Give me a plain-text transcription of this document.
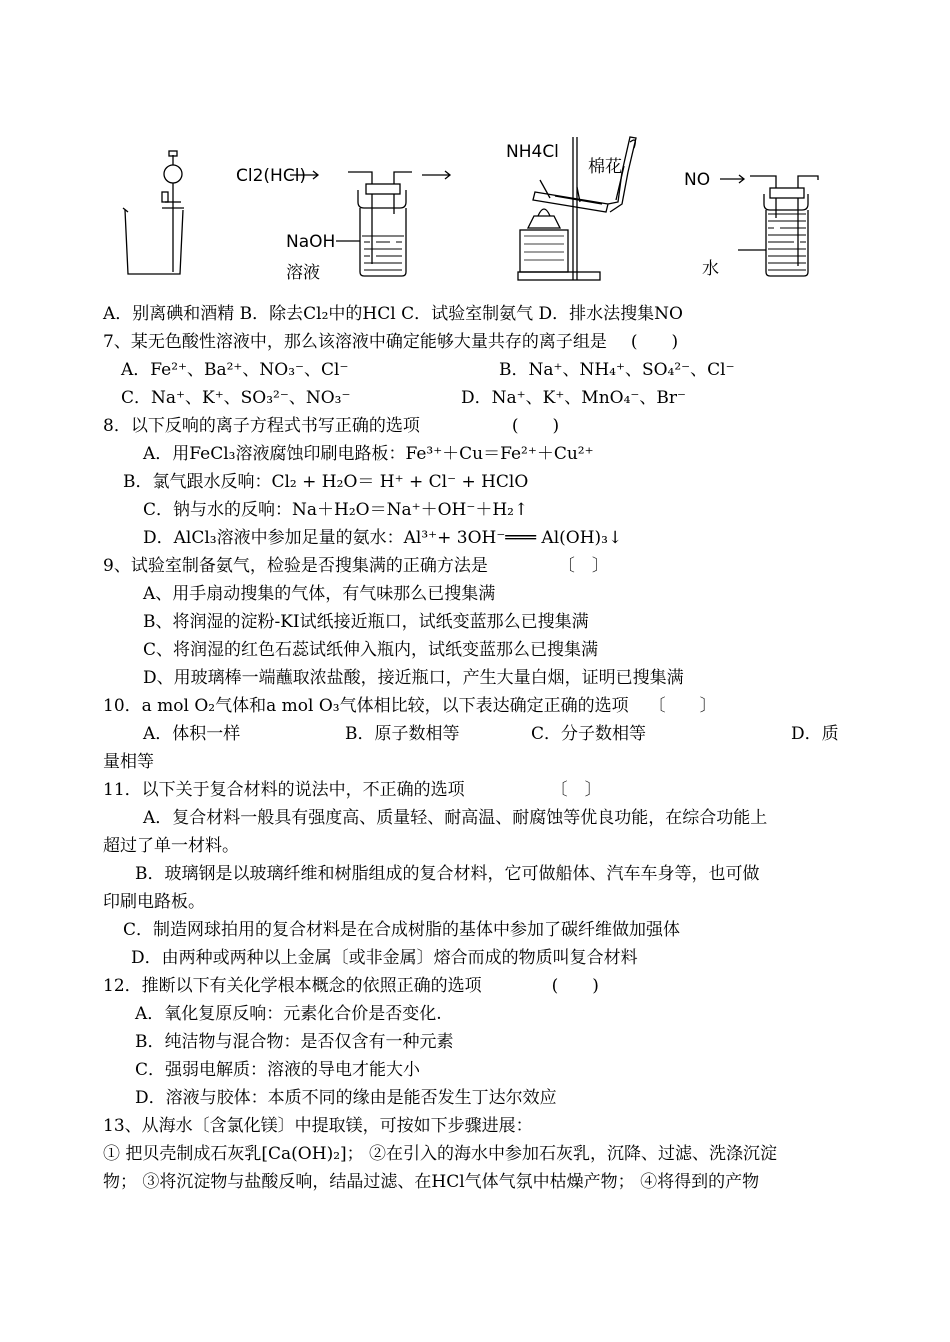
Cl2(HCl)
NaOH
溶液
NH4Cl
棉花
NO
水
A．别离碘和酒精 B．除去Cl₂中的HCl C．试验室制氨气 D．排水法搜集NO
7、某无色酸性溶液中，那么该溶液中确定能够大量共存的离子组是 (　　)
A．Fe²⁺、Ba²⁺、NO₃⁻、Cl⁻	B．Na⁺、NH₄⁺、SO₄²⁻、Cl⁻
C．Na⁺、K⁺、SO₃²⁻、NO₃⁻	D．Na⁺、K⁺、MnO₄⁻、Br⁻
8．以下反响的离子方程式书写正确的选项	(　　)
A．用FeCl₃溶液腐蚀印刷电路板：Fe³⁺＋Cu＝Fe²⁺＋Cu²⁺
B．氯气跟水反响：Cl₂ + H₂O＝ H⁺ + Cl⁻ + HClO
C．钠与水的反响：Na＋H₂O＝Na⁺＋OH⁻＋H₂↑
D．AlCl₃溶液中参加足量的氨水：Al³⁺+ 3OH⁻═══ Al(OH)₃↓
9、试验室制备氨气，检验是否搜集满的正确方法是	〔　〕
A、用手扇动搜集的气体，有气味那么已搜集满
B、将润湿的淀粉-KI试纸接近瓶口，试纸变蓝那么已搜集满
C、将润湿的红色石蕊试纸伸入瓶内，试纸变蓝那么已搜集满
D、用玻璃棒一端蘸取浓盐酸，接近瓶口，产生大量白烟，证明已搜集满
10．a mol O₂气体和a mol O₃气体相比较，以下表达确定正确的选项 〔　　〕
A．体积一样	B．原子数相等	C．分子数相等	D．质
量相等
11．以下关于复合材料的说法中，不正确的选项	〔　〕
A．复合材料一般具有强度高、质量轻、耐高温、耐腐蚀等优良功能，在综合功能上
超过了单一材料。
B．玻璃钢是以玻璃纤维和树脂组成的复合材料，它可做船体、汽车车身等，也可做
印刷电路板。
C．制造网球拍用的复合材料是在合成树脂的基体中参加了碳纤维做加强体
D．由两种或两种以上金属〔或非金属〕熔合而成的物质叫复合材料
12．推断以下有关化学根本概念的依照正确的选项	(　　)
A．氧化复原反响：元素化合价是否变化.
B．纯洁物与混合物：是否仅含有一种元素
C．强弱电解质：溶液的导电才能大小
D．溶液与胶体：本质不同的缘由是能否发生丁达尔效应
13、从海水〔含氯化镁〕中提取镁，可按如下步骤进展：
① 把贝壳制成石灰乳[Ca(OH)₂]； ②在引入的海水中参加石灰乳，沉降、过滤、洗涤沉淀
物； ③将沉淀物与盐酸反响，结晶过滤、在HCl气体气氛中枯燥产物； ④将得到的产物
